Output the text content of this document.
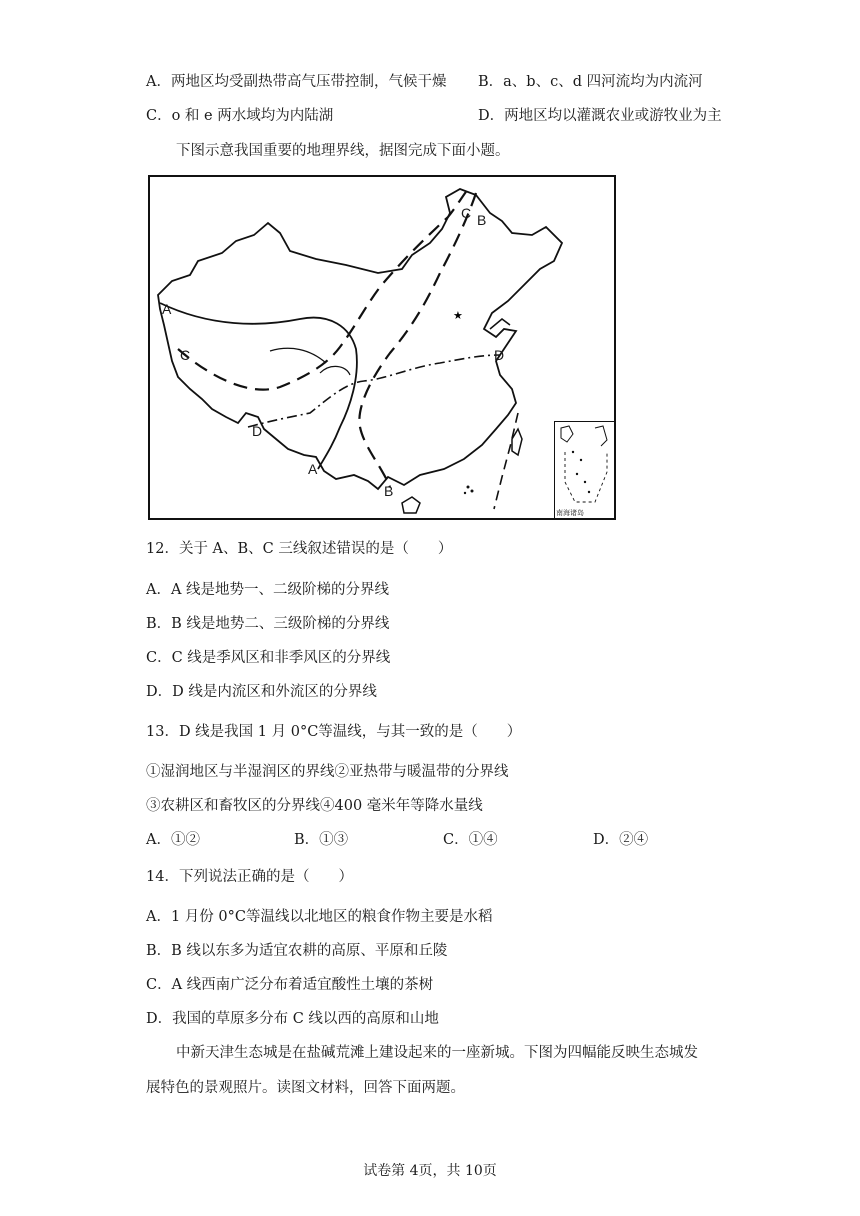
A．两地区均受副热带高气压带控制，气候干燥 B．a、b、c、d 四河流均为内流河
C．o 和 e 两水域均为内陆湖	D．两地区均以灌溉农业或游牧业为主
下图示意我国重要的地理界线，据图完成下面小题。
★
南海诸岛
C B
A
C	D
D
A
B
12．关于 A、B、C 三线叙述错误的是（　　）
A．A 线是地势一、二级阶梯的分界线
B．B 线是地势二、三级阶梯的分界线
C．C 线是季风区和非季风区的分界线
D．D 线是内流区和外流区的分界线
13．D 线是我国 1 月 0°C等温线，与其一致的是（　　）
①湿润地区与半湿润区的界线②亚热带与暖温带的分界线
③农耕区和畜牧区的分界线④400 毫米年等降水量线
A．①②	B．①③	C．①④	D．②④
14．下列说法正确的是（　　）
A．1 月份 0°C等温线以北地区的粮食作物主要是水稻
B．B 线以东多为适宜农耕的高原、平原和丘陵
C．A 线西南广泛分布着适宜酸性土壤的茶树
D．我国的草原多分布 C 线以西的高原和山地
中新天津生态城是在盐碱荒滩上建设起来的一座新城。下图为四幅能反映生态城发
展特色的景观照片。读图文材料，回答下面两题。
试卷第 4页，共 10页
